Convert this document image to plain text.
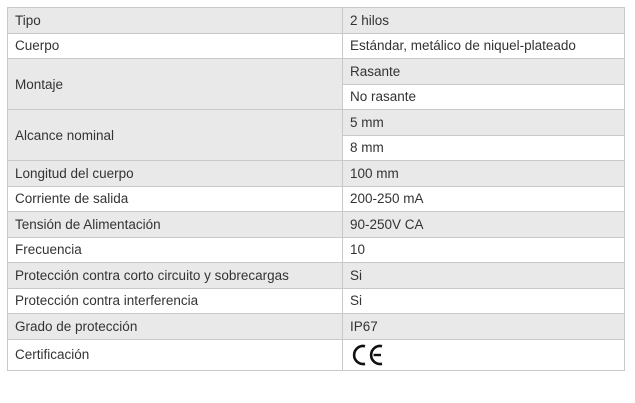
Tipo	2 hilos
Cuerpo	Estándar, metálico de niquel-plateado
Montaje	Rasante
	No rasante
Alcance nominal	5 mm
	8 mm
Longitud del cuerpo	100 mm
Corriente de salida	200-250 mA
Tensión de Alimentación	90-250V CA
Frecuencia	10
Protección contra corto circuito y sobrecargas	Si
Protección contra interferencia	Si
Grado de protección	IP67
Certificación	
